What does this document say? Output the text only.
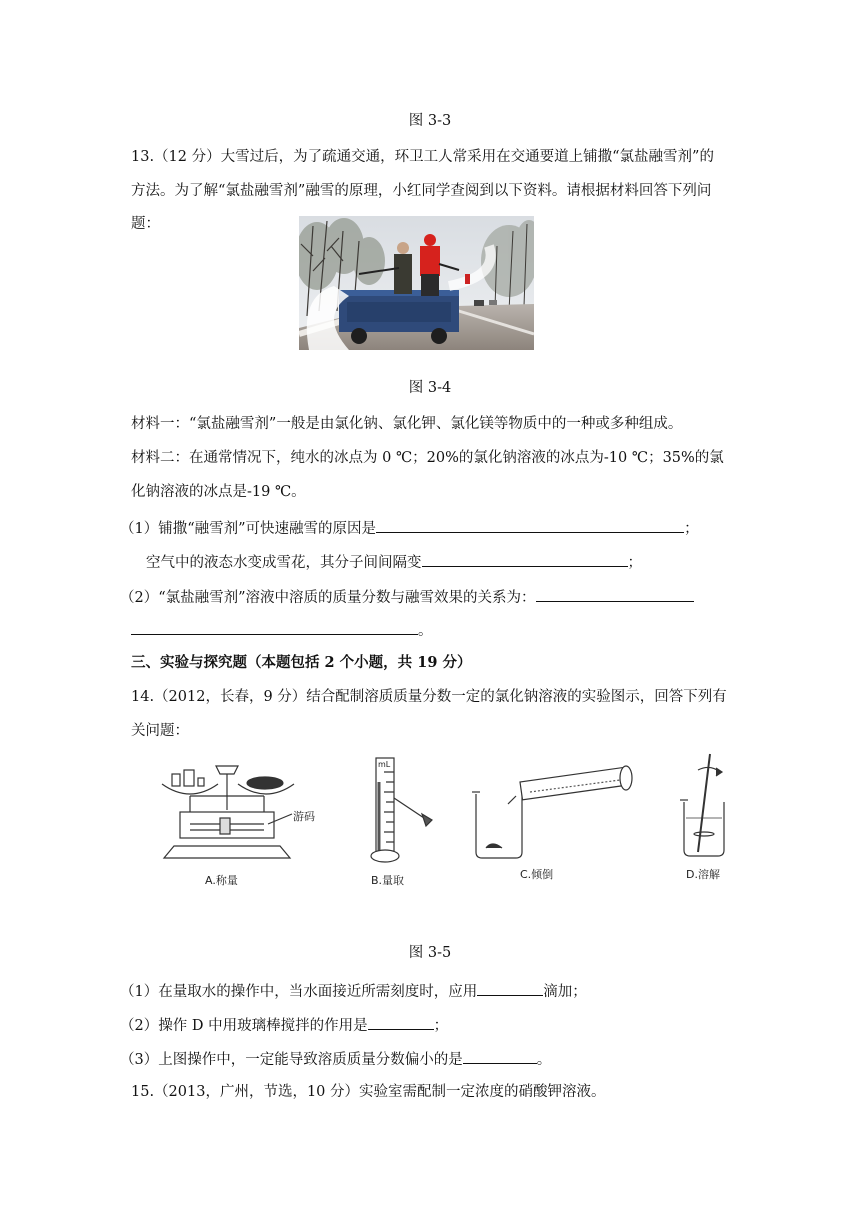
图 3-3
13.（12 分）大雪过后，为了疏通交通，环卫工人常采用在交通要道上铺撒“氯盐融雪剂”的
方法。为了解“氯盐融雪剂”融雪的原理，小红同学查阅到以下资料。请根据材料回答下列问
题：
图 3-4
材料一：“氯盐融雪剂”一般是由氯化钠、氯化钾、氯化镁等物质中的一种或多种组成。
材料二：在通常情况下，纯水的冰点为 0 ℃；20%的氯化钠溶液的冰点为-10 ℃；35%的氯
化钠溶液的冰点是-19 ℃。
（1）铺撒“融雪剂”可快速融雪的原因是	；
空气中的液态水变成雪花，其分子间间隔变	；
（2）“氯盐融雪剂”溶液中溶质的质量分数与融雪效果的关系为：
。
三、实验与探究题（本题包括 2 个小题，共 19 分）
14.（2012，长春，9 分）结合配制溶质质量分数一定的氯化钠溶液的实验图示，回答下列有
关问题：
A.称量	B.量取	C.倾倒	D.溶解
游码
mL
图 3-5
（1）在量取水的操作中，当水面接近所需刻度时，应用	滴加；
（2）操作 D 中用玻璃棒搅拌的作用是	；
（3）上图操作中，一定能导致溶质质量分数偏小的是	。
15.（2013，广州，节选，10 分）实验室需配制一定浓度的硝酸钾溶液。
